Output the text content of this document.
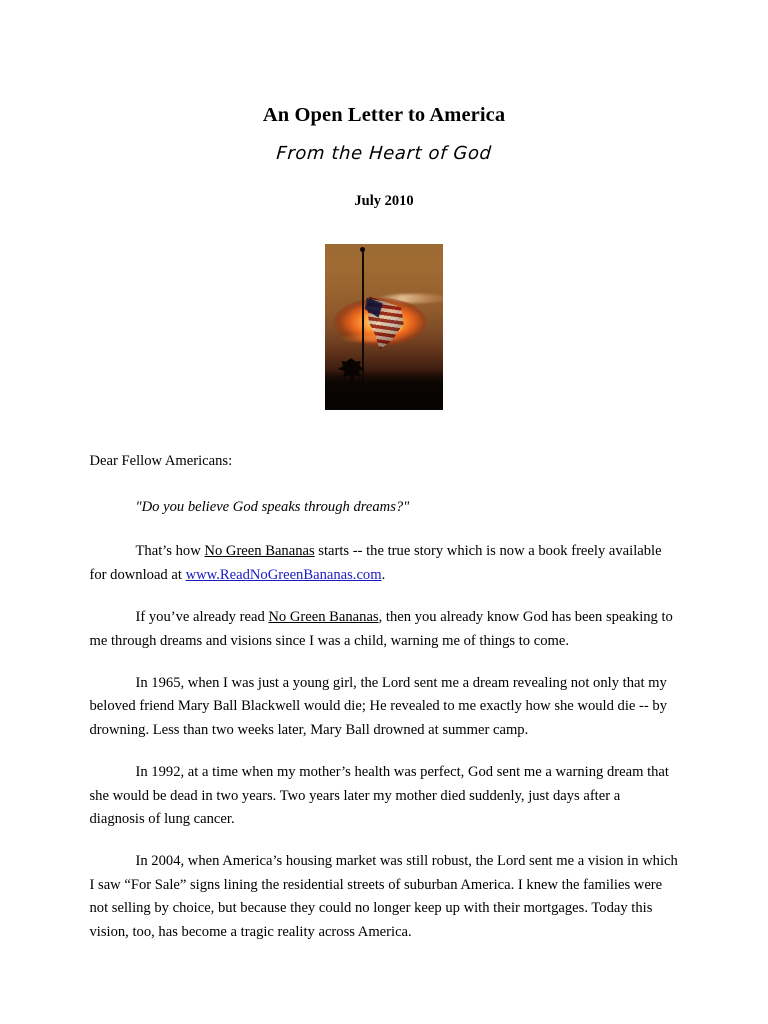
An Open Letter to America
From the Heart of God
July 2010

Dear Fellow Americans:

ʺDo you believe God speaks through dreams?ʺ

That’s how No Green Bananas starts -- the true story which is now a book freely available for download at www.ReadNoGreenBananas.com.

If you’ve already read No Green Bananas, then you already know God has been speaking to me through dreams and visions since I was a child, warning me of things to come.

In 1965, when I was just a young girl, the Lord sent me a dream revealing not only that my beloved friend Mary Ball Blackwell would die; He revealed to me exactly how she would die -- by drowning. Less than two weeks later, Mary Ball drowned at summer camp.

In 1992, at a time when my mother’s health was perfect, God sent me a warning dream that she would be dead in two years. Two years later my mother died suddenly, just days after a diagnosis of lung cancer.

In 2004, when America’s housing market was still robust, the Lord sent me a vision in which I saw “For Sale” signs lining the residential streets of suburban America. I knew the families were not selling by choice, but because they could no longer keep up with their mortgages. Today this vision, too, has become a tragic reality across America.
